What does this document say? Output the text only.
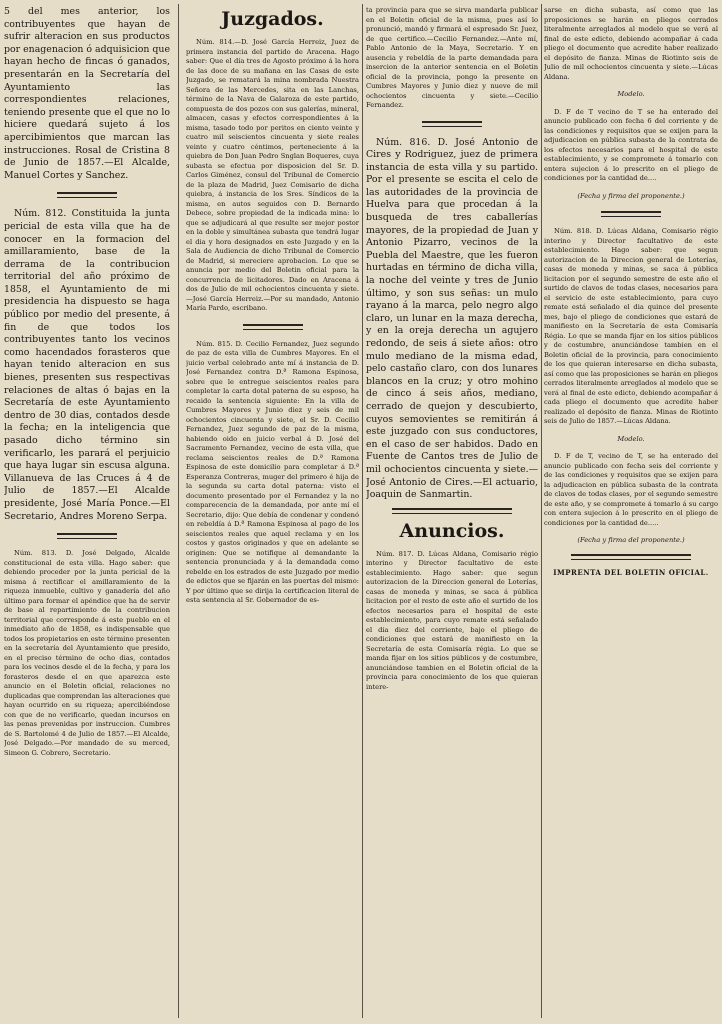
5 del mes anterior, los contribuyentes que hayan de sufrir alteracion en sus productos por enagenacion ó adquisicion que hayan hecho de fincas ó ganados, presentarán en la Secretaría del Ayuntamiento las correspondientes relaciones, teniendo presente que el que no lo hiciere quedará sujeto á los apercibimientos que marcan las instrucciones. Rosal de Cristina 8 de Junio de 1857.—El Alcalde, Manuel Cortes y Sanchez.

Núm. 812. Constituida la junta pericial de esta villa que ha de conocer en la formacion del amillaramiento, base de la derrama de la contribucion territorial del año próximo de 1858, el Ayuntamiento de mi presidencia ha dispuesto se haga público por medio del presente, á fin de que todos los contribuyentes tanto los vecinos como hacendados forasteros que hayan tenido alteracion en sus bienes, presenten sus respectivas relaciones de altas ó bajas en la Secretaría de este Ayuntamiento dentro de 30 dias, contados desde la fecha; en la inteligencia que pasado dicho término sin verificarlo, les parará el perjuicio que haya lugar sin escusa alguna. Villanueva de las Cruces á 4 de Julio de 1857.—El Alcalde presidente, José María Ponce.—El Secretario, Andres Moreno Serpa.

Núm. 813. D. José Delgado, Alcalde constitucional de esta villa. Hago saber: que debiendo proceder por la junta pericial de la misma á rectificar el amillaramiento de la riqueza inmueble, cultivo y ganadería del año último para formar el apéndice que ha de servir de base al repartimiento de la contribucion territorial que corresponde á este pueblo en el inmediato año de 1858, es indispensable que todos los propietarios en este término presenten en la secretaría del Ayuntamiento que presido, en el preciso término de ocho dias, contados para los vecinos desde el de la fecha, y para los forasteros desde el en que aparezca este anuncio en el Boletin oficial, relaciones no duplicadas que comprendan las alteraciones que hayan ocurrido en su riqueza; apercibiéndose con que de no verificarlo, quedan incursos en las penas prevenidas por instruccion. Cumbres de S. Bartolomé 4 de Julio de 1857.—El Alcalde, José Delgado.—Por mandado de su merced, Simeon G. Cobrero, Secretario.

Juzgados.

Núm. 814.—D. José García Herreiz, Juez de primera instancia del partido de Aracena. Hago saber: Que el día tres de Agosto próximo á la hora de las doce de su mañana en las Casas de este Juzgado, se rematará la mina nombrada Nuestra Señora de las Mercedes, sita en las Lanchas, término de la Nava de Galaroza de este partido, compuesta de dos pozos con sus galerías, mineral, almacen, casas y efectos correspondientes á la misma, tasado todo por peritos en ciento veinte y cuatro mil seiscientos cincuenta y siete reales veinte y cuatro céntimos, perteneciente á la quiebra de Don Juan Pedro Snglan Boqueres, cuya subasta se efectua por disposicion del Sr. D. Carlos Giménez, consul del Tribunal de Comercio de la plaza de Madrid, Juez Comisario de dicha quiebra, á instancia de los Sres. Síndicos de la misma, en autos seguidos con D. Bernardo Debece, sobre propiedad de la indicada mina: lo que se adjudicará al que resulte ser mejor postor en la doble y simultánea subasta que tendrá lugar el dia y hora designados en este Juzgado y en la Sala de Audiencia de dicho Tribunal de Comercio de Madrid, si mereciere aprobacion. Lo que se anuncia por medio del Boletin oficial para la concurrencia de licitadores. Dado en Aracena á dos de Julio de mil ochocientos cincuenta y siete.—José García Herreiz.—Por su mandado, Antonio María Pardo, escribano.

Núm. 815. D. Cecilio Fernandez, Juez segundo de paz de esta villa de Cumbres Mayores. En el juicio verbal celebrado ante mí á instancia de D. José Fernandez contra D.ª Ramona Espinosa, sobre que le entregue seiscientos reales para completar la carta dotal paterna de su esposo, ha recaido la sentencia siguiente: En la villa de Cumbres Mayores y Junio diez y seis de mil ochocientos cincuenta y siete, el Sr. D. Cecilio Fernandez, Juez segundo de paz de la misma, habiendo oido en juicio verbal á D. José del Sacramento Fernandez, vecino de esta villa, que reclama seiscientos reales de D.ª Ramona Espinosa de este domicilio para completar á D.ª Esperanza Contreras, muger del primero é hija de la segunda su carta dotal paterna: visto el documento presentado por el Fernandez y la no comparecencia de la demandada, por ante mí el Secretario, dijo: Que debía de condenar y condenó en rebeldía á D.ª Ramona Espinosa al pago de los seiscientos reales que aquel reclama y en los costos y gastos originados y que en adelante se originen: Que se notifique al demandante la sentencia pronunciada y á la demandada como rebelde en los estrados de este Juzgado por medio de edictos que se fijarán en las puertas del mismo: Y por último que se dirija la certificacion literal de esta sentencia al Sr. Gobernador de es-

ta provincia para que se sirva mandarla publicar en el Boletin oficial de la misma, pues así lo pronunció, mandó y firmará el espresado Sr. Juez, de que certifico.—Cecilio Fernandez.—Ante mí, Pablo Antonio de la Maya, Secretario. Y en ausencia y rebeldía de la parte demandada para insercion de la anterior sentencia en el Boletin oficial de la provincia, pongo la presente en Cumbres Mayores y Junio diez y nueve de mil ochocientos cincuenta y siete.—Cecilio Fernandez.

Núm. 816. D. José Antonio de Cires y Rodriguez, juez de primera instancia de esta villa y su partido. Por el presente se escita el celo de las autoridades de la provincia de Huelva para que procedan á la busqueda de tres caballerías mayores, de la propiedad de Juan y Antonio Pizarro, vecinos de la Puebla del Maestre, que les fueron hurtadas en término de dicha villa, la noche del veinte y tres de Junio último, y son sus señas: un mulo rayano á la marca, pelo negro algo claro, un lunar en la maza derecha, y en la oreja derecha un agujero redondo, de seis á siete años: otro mulo mediano de la misma edad, pelo castaño claro, con dos lunares blancos en la cruz; y otro mohino de cinco á seis años, mediano, cerrado de quejon y descubierto, cuyos semovientes se remitirán á este juzgado con sus conductores, en el caso de ser habidos. Dado en Fuente de Cantos tres de Julio de mil ochocientos cincuenta y siete.—José Antonio de Cires.—El actuario, Joaquin de Sanmartin.

Anuncios.

Núm. 817. D. Lúcas Aldana, Comisario régio interino y Director facultativo de este establecimiento. Hago saber: que segun autorizacion de la Direccion general de Loterías, casas de moneda y minas, se saca á pública licitacion por el resto de este año el surtido de los efectos necesarios para el hospital de este establecimiento, para cuyo remate está señalado el dia diez del corriente, bajo el pliego de condiciones que estará de manifiesto en la Secretaría de esta Comisaría régia. Lo que se manda fijar en los sitios públicos y de costumbre, anunciándose tambien en el Boletin oficial de la provincia para conocimiento de los que quieran intere-

sarse en dicha subasta, así como que las proposiciones se harán en pliegos cerrados literalmente arreglados al modelo que se verá al final de este edicto, debiendo acompañar á cada pliego el documento que acredite haber realizado el depósito de fianza. Minas de Riotinto seis de Julio de mil ochocientos cincuenta y siete.—Lúcas Aldana.

Modelo.

D. F de T vecino de T se ha enterado del anuncio publicado con fecha 6 del corriente y de las condiciones y requisitos que se exijen para la adjudicacion en pública subasta de la contrata de los efectos necesarios para el hospital de este establecimiento, y se compromete á tomarlo con entera sujecion á lo prescrito en el pliego de condiciones por la cantidad de....

(Fecha y firma del proponente.)

Núm. 818. D. Lúcas Aldana, Comisario régio interino y Director facultativo de este establecimiento. Hago saber: que segun autorizacion de la Direccion general de Loterías, casas de moneda y minas, se saca á pública licitacion por el segundo semestre de este año el surtido de clavos de todas clases, necesarios para el servicio de este establecimiento, para cuyo remate está señalado el dia quince del presente mes, bajo el pliego de condiciones que estará de manifiesto en la Secretaría de esta Comisaría Régia. Lo que se manda fijar en los sitios públicos y de costumbre, anunciándose tambien en el Boletin oficial de la provincia, para conocimiento de los que quieran interesarse en dicha subasta, así como que las proposiciones se harán en pliegos cerrados literalmente arreglados al modelo que se verá al final de este edicto, debiendo acompañar á cada pliego el documento que acredite haber realizado el depósito de fianza. Minas de Riotinto seis de Julio de 1857.—Lúcas Aldana.

Modelo.

D. F de T, vecino de T, se ha enterado del anuncio publicado con fecha seis del corriente y de las condiciones y requisitos que se exijen para la adjudicacion en pública subasta de la contrata de clavos de todas clases, por el segundo semestre de este año, y se compromete á tomarlo á su cargo con entera sujecion á lo prescrito en el pliego de condiciones por la cantidad de.....

(Fecha y firma del proponente.)

IMPRENTA DEL BOLETIN OFICIAL.
